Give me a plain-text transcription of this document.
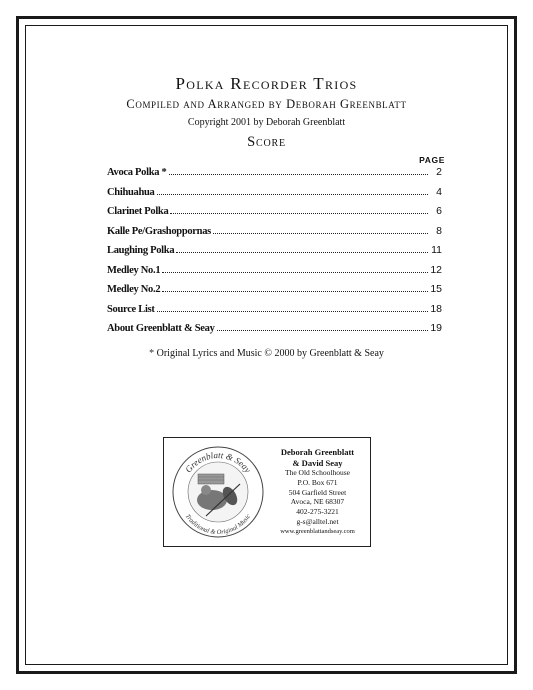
Polka Recorder Trios
Compiled and Arranged by Deborah Greenblatt
Copyright 2001 by Deborah Greenblatt
Score
PAGE
Avoca Polka *	2
Chihuahua	4
Clarinet Polka	6
Kalle Pe/Grashoppornas	8
Laughing Polka	11
Medley No.1	12
Medley No.2	15
Source List	18
About Greenblatt & Seay	19
* Original Lyrics and Music © 2000 by Greenblatt & Seay
Greenblatt & Seay
Traditional & Original Music
Deborah Greenblatt
& David Seay
The Old Schoolhouse
P.O. Box 671
504 Garfield Street
Avoca, NE 68307
402-275-3221
g-s@alltel.net
www.greenblattandseay.com
